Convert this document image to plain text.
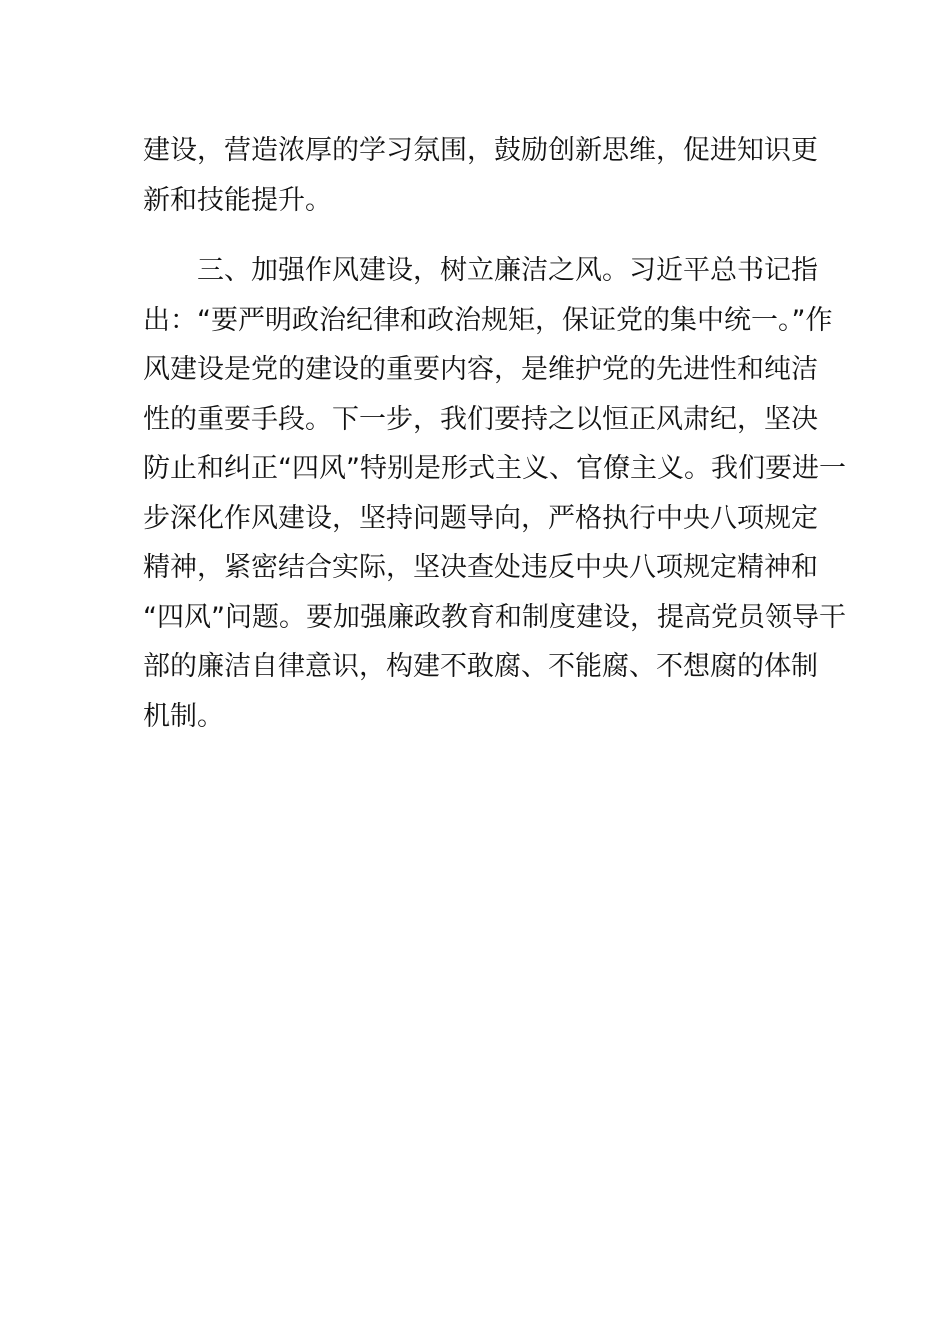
建设，营造浓厚的学习氛围，鼓励创新思维，促进知识更
新和技能提升。
三、加强作风建设，树立廉洁之风。习近平总书记指
出：“要严明政治纪律和政治规矩，保证党的集中统一。”作
风建设是党的建设的重要内容，是维护党的先进性和纯洁
性的重要手段。下一步，我们要持之以恒正风肃纪，坚决
防止和纠正“四风”特别是形式主义、官僚主义。我们要进一
步深化作风建设，坚持问题导向，严格执行中央八项规定
精神，紧密结合实际，坚决查处违反中央八项规定精神和
“四风”问题。要加强廉政教育和制度建设，提高党员领导干
部的廉洁自律意识，构建不敢腐、不能腐、不想腐的体制
机制。
